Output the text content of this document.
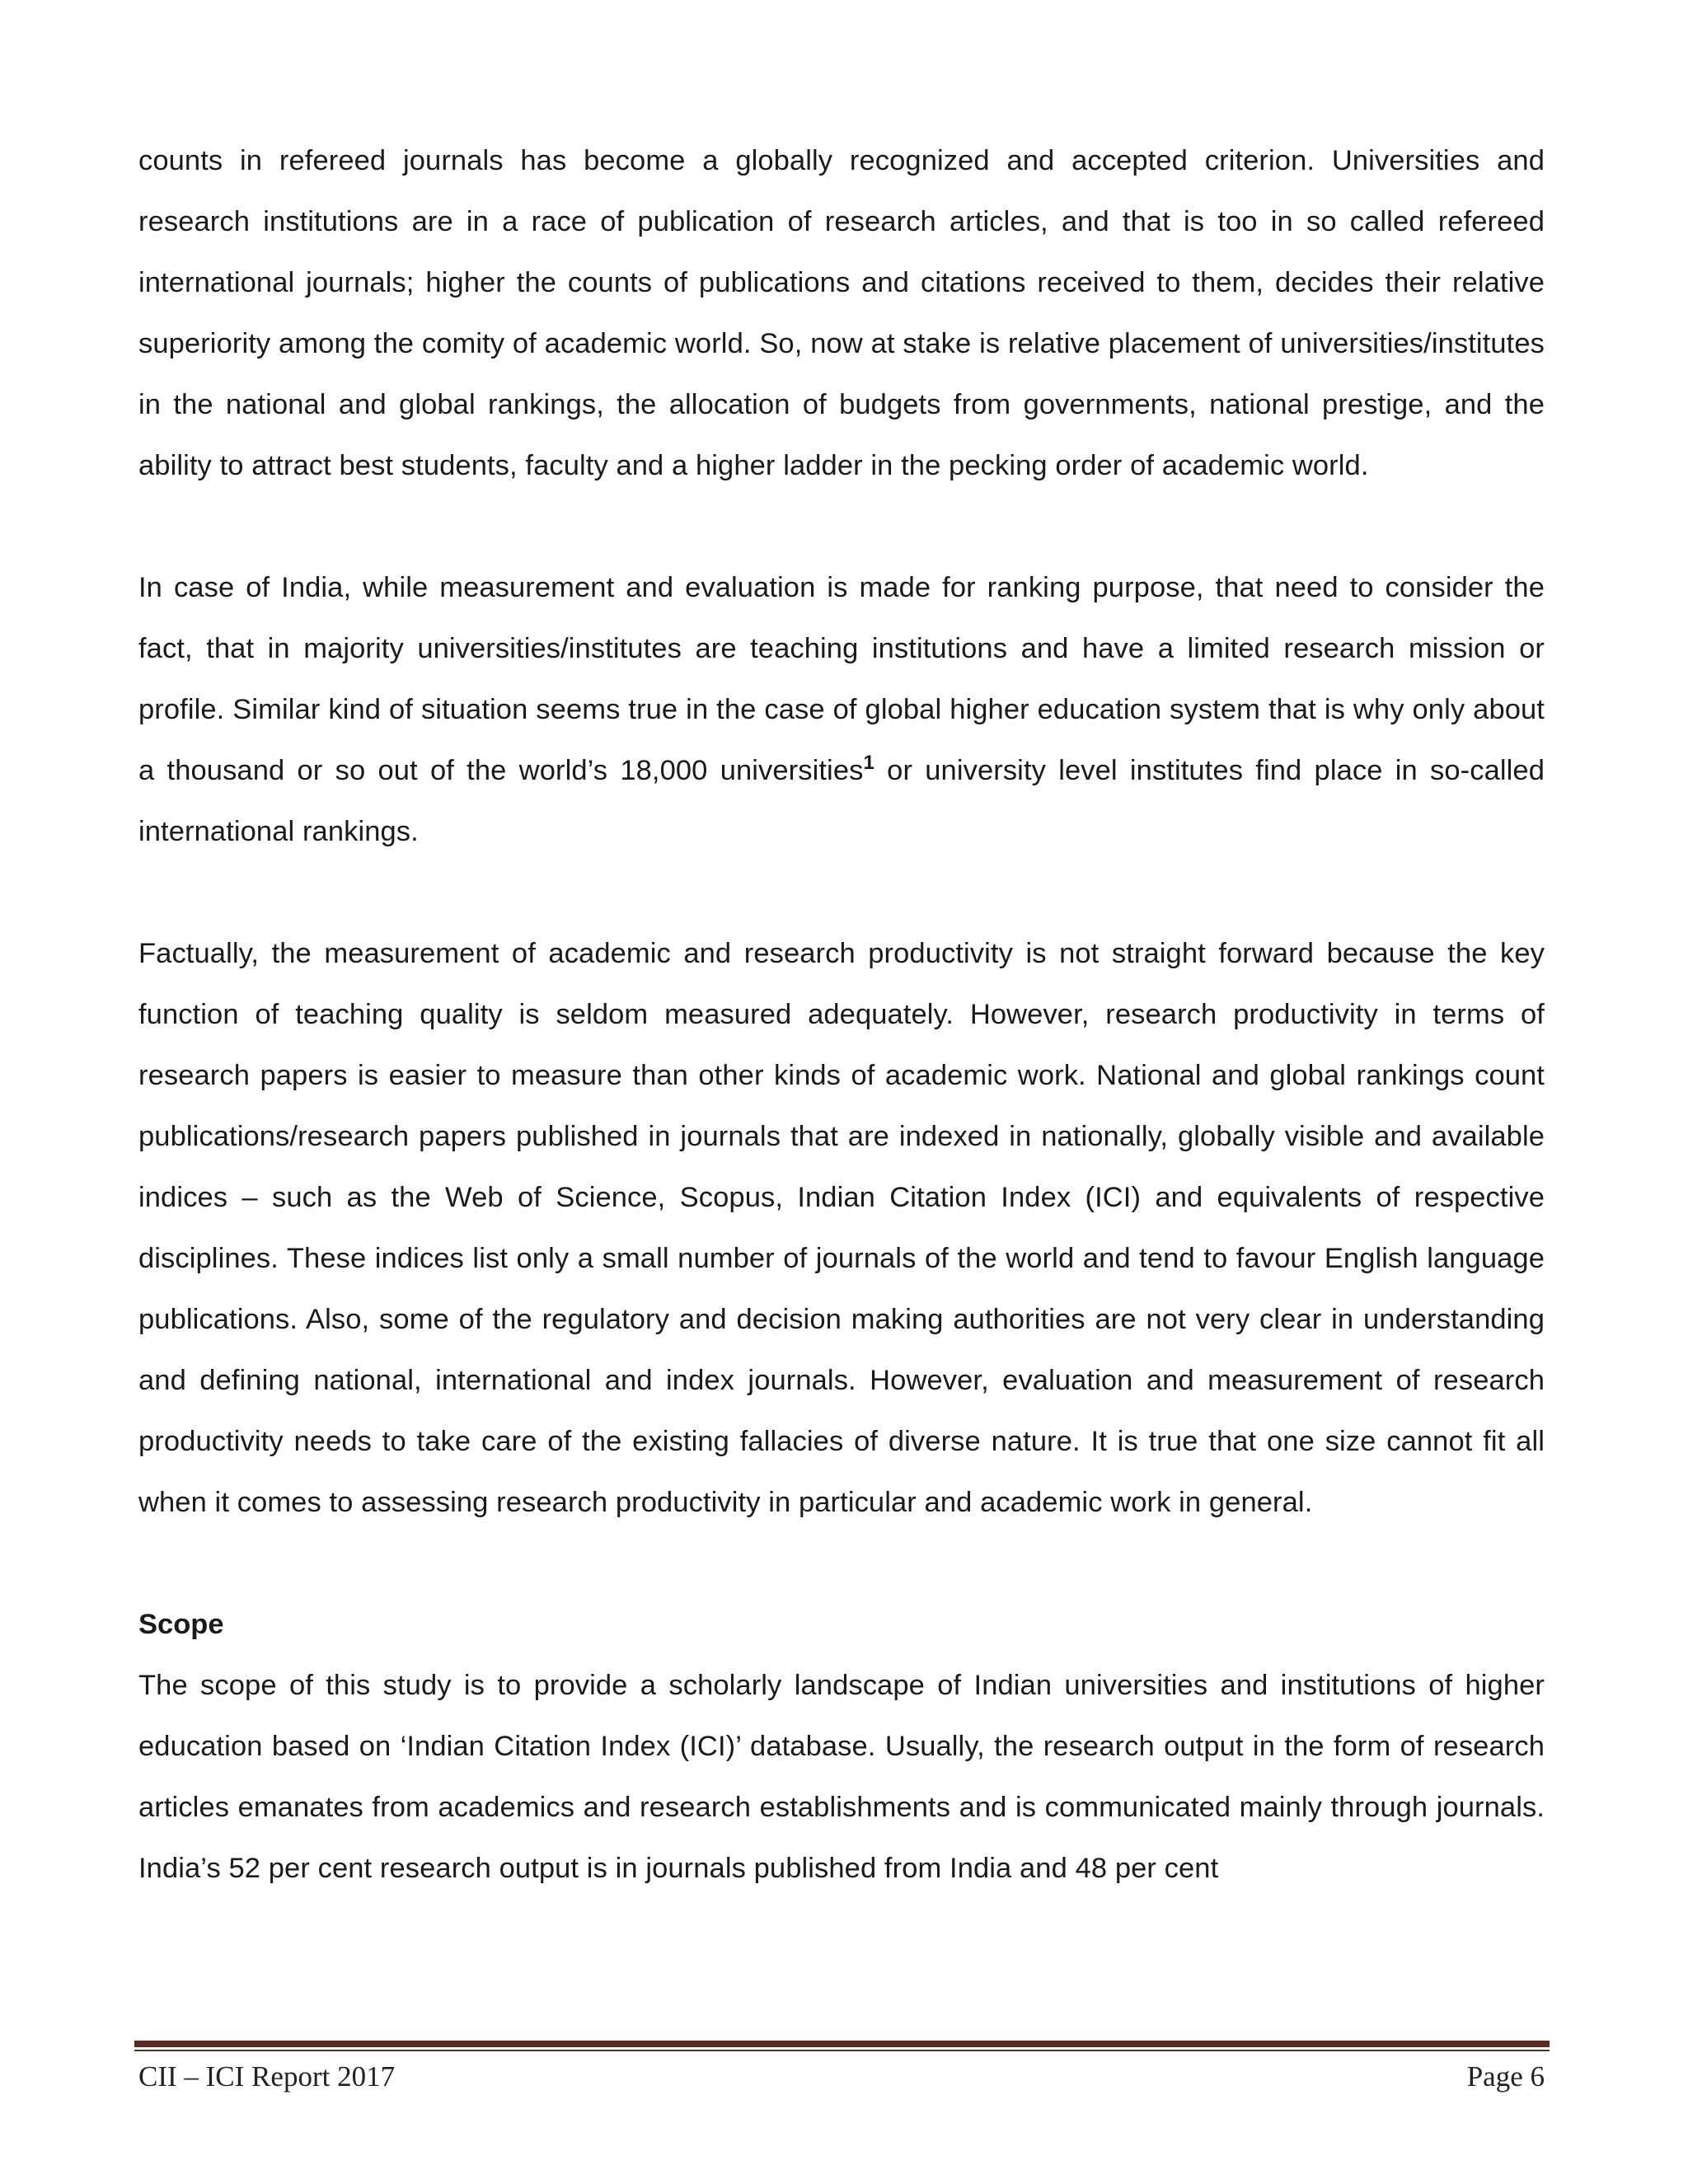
counts in refereed journals has become a globally recognized and accepted criterion. Universities and research institutions are in a race of publication of research articles, and that is too in so called refereed international journals; higher the counts of publications and citations received to them, decides their relative superiority among the comity of academic world. So, now at stake is relative placement of universities/institutes in the national and global rankings, the allocation of budgets from governments, national prestige, and the ability to attract best students, faculty and a higher ladder in the pecking order of academic world.

In case of India, while measurement and evaluation is made for ranking purpose, that need to consider the fact, that in majority universities/institutes are teaching institutions and have a limited research mission or profile. Similar kind of situation seems true in the case of global higher education system that is why only about a thousand or so out of the world’s 18,000 universities$^1$ or university level institutes find place in so-called international rankings.

Factually, the measurement of academic and research productivity is not straight forward because the key function of teaching quality is seldom measured adequately. However, research productivity in terms of research papers is easier to measure than other kinds of academic work. National and global rankings count publications/research papers published in journals that are indexed in nationally, globally visible and available indices – such as the Web of Science, Scopus, Indian Citation Index (ICI) and equivalents of respective disciplines. These indices list only a small number of journals of the world and tend to favour English language publications. Also, some of the regulatory and decision making authorities are not very clear in understanding and defining national, international and index journals. However, evaluation and measurement of research productivity needs to take care of the existing fallacies of diverse nature. It is true that one size cannot fit all when it comes to assessing research productivity in particular and academic work in general.

Scope

The scope of this study is to provide a scholarly landscape of Indian universities and institutions of higher education based on ‘Indian Citation Index (ICI)’ database. Usually, the research output in the form of research articles emanates from academics and research establishments and is communicated mainly through journals. India’s 52 per cent research output is in journals published from India and 48 per cent

CII – ICI Report 2017	Page 6
